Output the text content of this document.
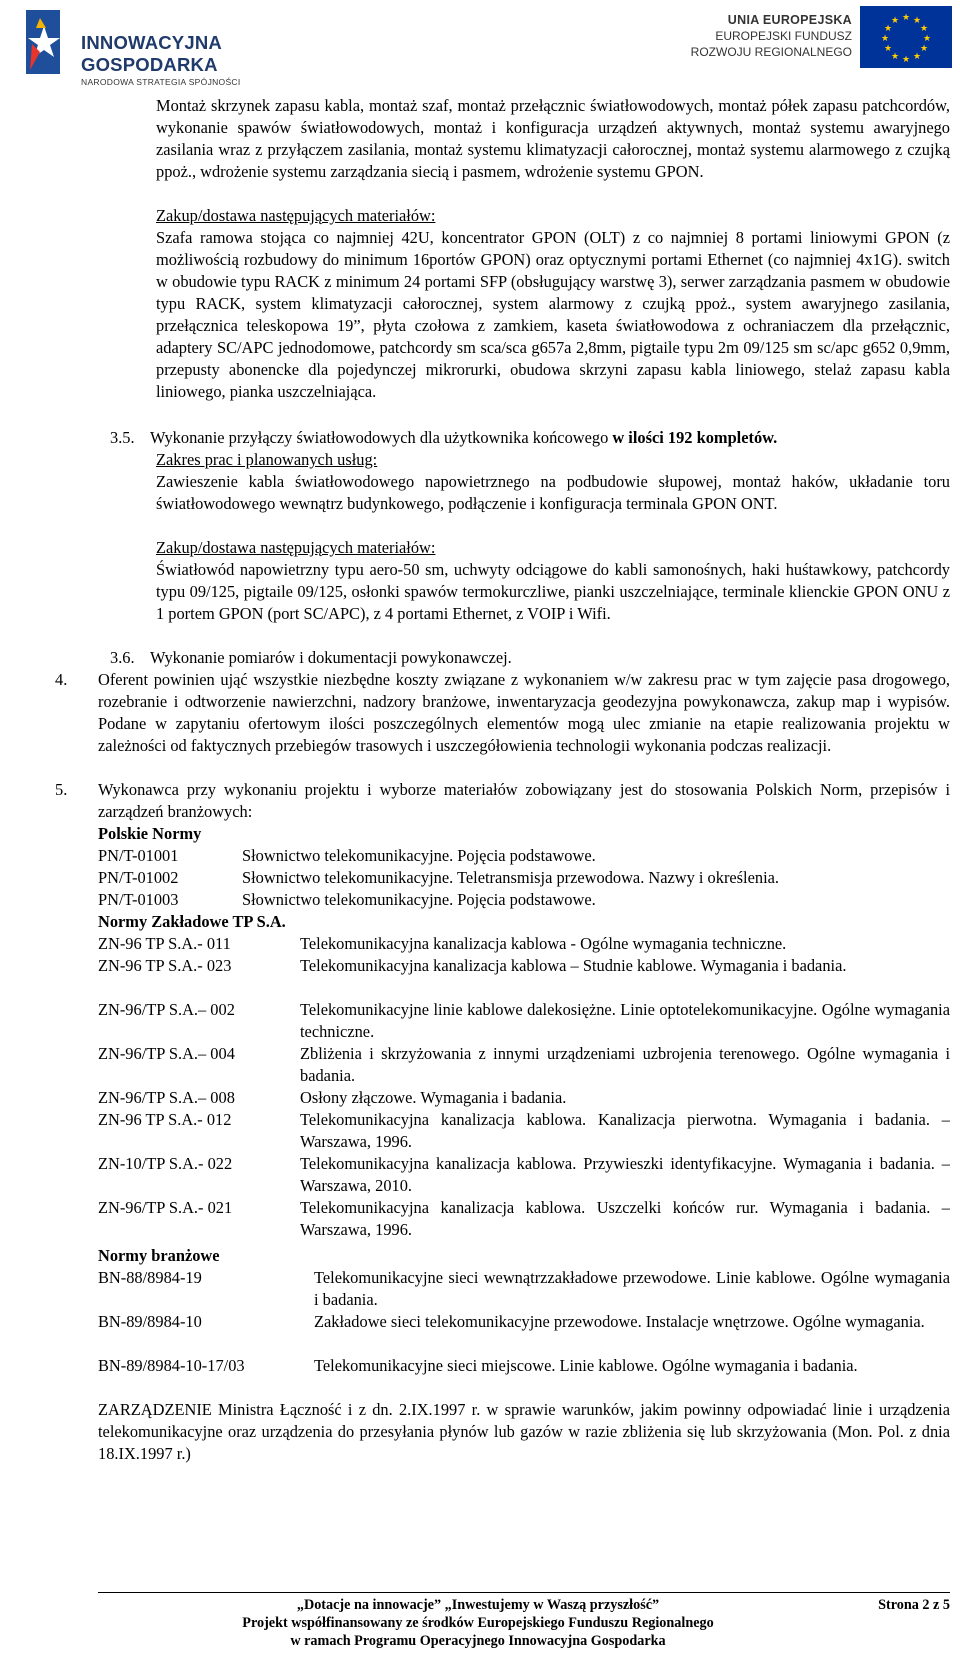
INNOWACYJNA GOSPODARKA
NARODOWA STRATEGIA SPÓJNOŚCI
UNIA EUROPEJSKA
EUROPEJSKI FUNDUSZ
ROZWOJU REGIONALNEGO
★ ★
★
★
★
★
★
★
★
★
★
★

Montaż skrzynek zapasu kabla, montaż szaf, montaż przełącznic światłowodowych, montaż półek zapasu patchcordów, wykonanie spawów światłowodowych, montaż i konfiguracja urządzeń aktywnych, montaż systemu awaryjnego zasilania wraz z przyłączem zasilania, montaż systemu klimatyzacji całorocznej, montaż systemu alarmowego z czujką ppoż., wdrożenie systemu zarządzania siecią i pasmem, wdrożenie systemu GPON.

Zakup/dostawa następujących materiałów:

Szafa ramowa stojąca co najmniej 42U, koncentrator GPON (OLT) z co najmniej 8 portami liniowymi GPON (z możliwością rozbudowy do minimum 16portów GPON) oraz optycznymi portami Ethernet (co najmniej 4x1G). switch w obudowie typu RACK z minimum 24 portami SFP (obsługujący warstwę 3), serwer zarządzania pasmem w obudowie typu RACK, system klimatyzacji całorocznej, system alarmowy z czujką ppoż., system awaryjnego zasilania, przełącznica teleskopowa 19”, płyta czołowa z zamkiem, kaseta światłowodowa z ochraniaczem dla przełącznic, adaptery SC/APC jednodomowe, patchcordy sm sca/sca g657a 2,8mm, pigtaile typu 2m 09/125 sm sc/apc g652 0,9mm, przepusty abonencke dla pojedynczej mikrorurki, obudowa skrzyni zapasu kabla liniowego, stelaż zapasu kabla liniowego, pianka uszczelniająca.

3.5. Wykonanie przyłączy światłowodowych dla użytkownika końcowego w ilości 192 kompletów.

Zakres prac i planowanych usług:

Zawieszenie kabla światłowodowego napowietrznego na podbudowie słupowej, montaż haków, układanie toru światłowodowego wewnątrz budynkowego, podłączenie i konfiguracja terminala GPON ONT.

Zakup/dostawa następujących materiałów:

Światłowód napowietrzny typu aero-50 sm, uchwyty odciągowe do kabli samonośnych, haki huśtawkowy, patchcordy typu 09/125, pigtaile 09/125, osłonki spawów termokurczliwe, pianki uszczelniające, terminale klienckie GPON ONU z 1 portem GPON (port SC/APC), z 4 portami Ethernet, z VOIP i Wifi.

3.6. Wykonanie pomiarów i dokumentacji powykonawczej.

4. Oferent powinien ująć wszystkie niezbędne koszty związane z wykonaniem w/w zakresu prac w tym zajęcie pasa drogowego, rozebranie i odtworzenie nawierzchni, nadzory branżowe, inwentaryzacja geodezyjna powykonawcza, zakup map i wypisów. Podane w zapytaniu ofertowym ilości poszczególnych elementów mogą ulec zmianie na etapie realizowania projektu w zależności od faktycznych przebiegów trasowych i uszczegółowienia technologii wykonania podczas realizacji.

5. Wykonawca przy wykonaniu projektu i wyborze materiałów zobowiązany jest do stosowania Polskich Norm, przepisów i zarządzeń branżowych:

Polskie Normy

PN/T-01001	Słownictwo telekomunikacyjne. Pojęcia podstawowe.
PN/T-01002	Słownictwo telekomunikacyjne. Teletransmisja przewodowa. Nazwy i określenia.
PN/T-01003	Słownictwo telekomunikacyjne. Pojęcia podstawowe.

Normy Zakładowe TP S.A.

ZN-96 TP S.A.- 011	Telekomunikacyjna kanalizacja kablowa - Ogólne wymagania techniczne.
ZN-96 TP S.A.- 023	Telekomunikacyjna kanalizacja kablowa – Studnie kablowe. Wymagania i badania.
ZN-96/TP S.A.– 002	Telekomunikacyjne linie kablowe dalekosiężne. Linie optotelekomunikacyjne. Ogólne wymagania techniczne.
ZN-96/TP S.A.– 004	Zbliżenia i skrzyżowania z innymi urządzeniami uzbrojenia terenowego. Ogólne wymagania i badania.
ZN-96/TP S.A.– 008	Osłony złączowe. Wymagania i badania.
ZN-96 TP S.A.- 012	Telekomunikacyjna kanalizacja kablowa. Kanalizacja pierwotna. Wymagania i badania. – Warszawa, 1996.
ZN-10/TP S.A.- 022	Telekomunikacyjna kanalizacja kablowa. Przywieszki identyfikacyjne. Wymagania i badania. – Warszawa, 2010.
ZN-96/TP S.A.- 021	Telekomunikacyjna kanalizacja kablowa. Uszczelki końców rur. Wymagania i badania. – Warszawa, 1996.

Normy branżowe

BN-88/8984-19	Telekomunikacyjne sieci wewnątrzzakładowe przewodowe. Linie kablowe. Ogólne wymagania i badania.
BN-89/8984-10	Zakładowe sieci telekomunikacyjne przewodowe. Instalacje wnętrzowe. Ogólne wymagania.
BN-89/8984-10-17/03	Telekomunikacyjne sieci miejscowe. Linie kablowe. Ogólne wymagania i badania.

ZARZĄDZENIE Ministra Łączność i z dn. 2.IX.1997 r. w sprawie warunków, jakim powinny odpowiadać linie i urządzenia telekomunikacyjne oraz urządzenia do przesyłania płynów lub gazów w razie zbliżenia się lub skrzyżowania (Mon. Pol. z dnia 18.IX.1997 r.)

„Dotacje na innowacje” „Inwestujemy w Waszą przyszłość”
Projekt współfinansowany ze środków Europejskiego Funduszu Regionalnego
w ramach Programu Operacyjnego Innowacyjna Gospodarka
Strona 2 z 5
